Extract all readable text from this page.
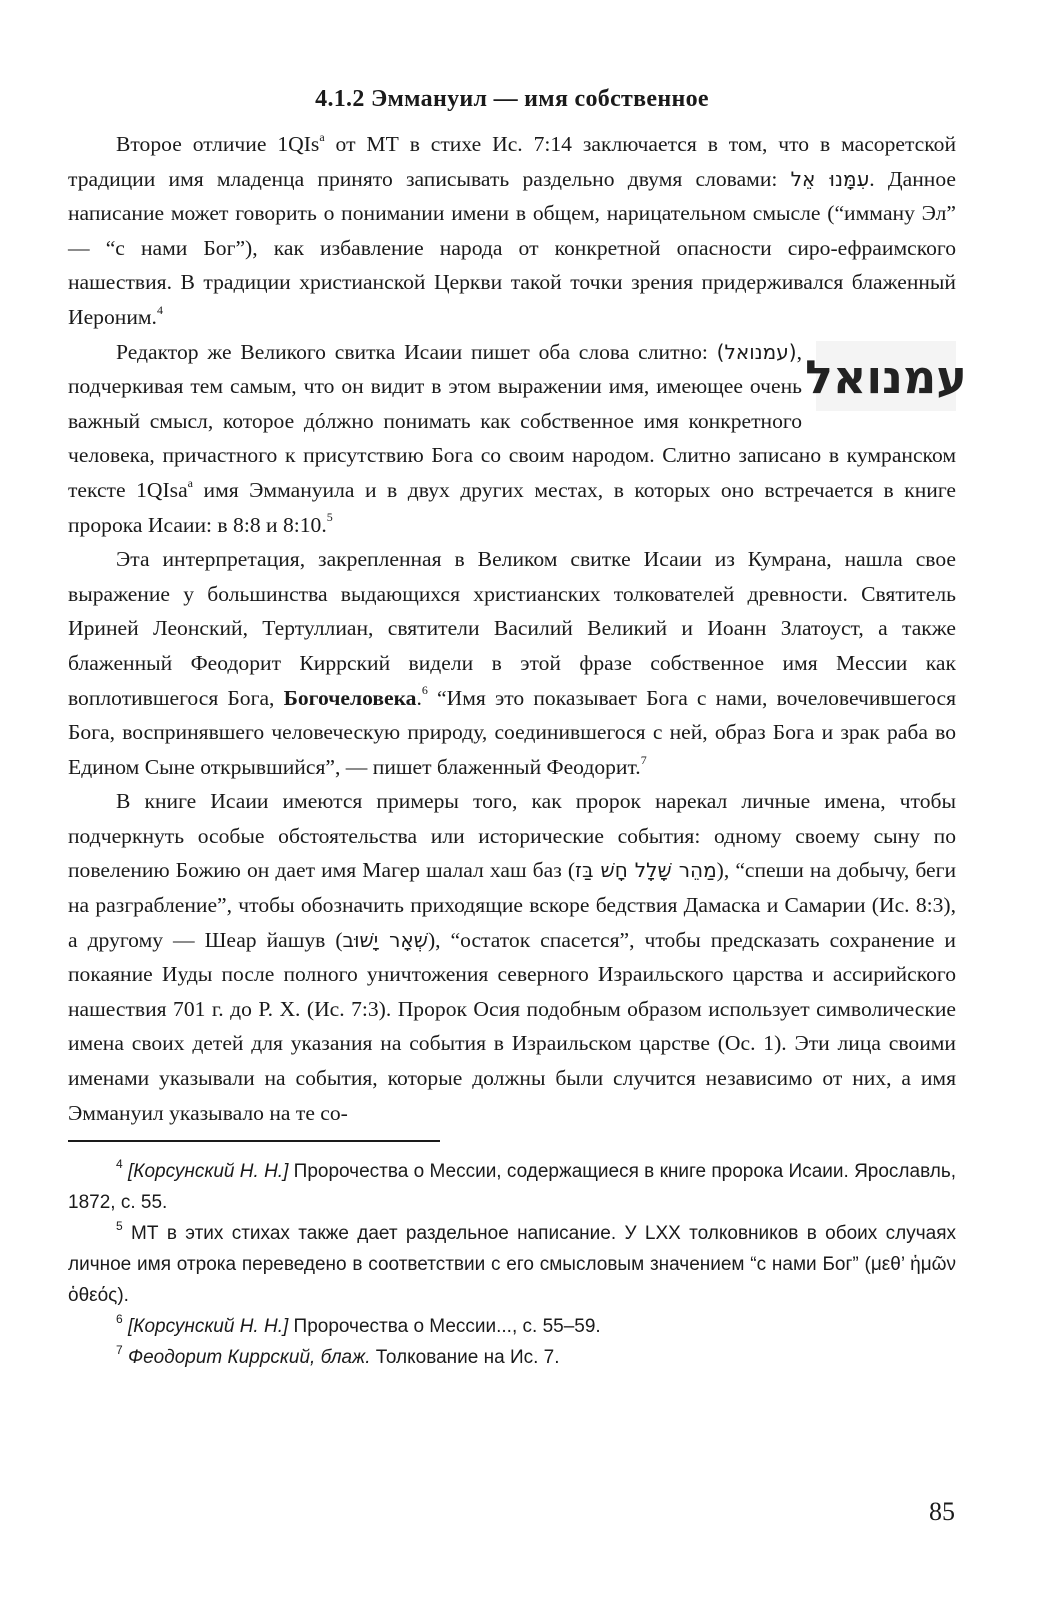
4.1.2 Эммануил — имя собственное

Второе отличие 1QIs$^a$ от МТ в стихе Ис. 7:14 заключается в том, что в масоретской традиции имя младенца принято записывать раздельно двумя словами: עִמָּנוּ אֵל. Данное написание может говорить о понимании имени в общем, нарицательном смысле (“иммaну Эл” — “с нами Бог”), как избавление народа от конкретной опасности сиро-ефраимского нашествия. В традиции христианской Церкви такой точки зрения придерживался блаженный Иероним.$^4$

עמנואל
Редактор же Великого свитка Исаии пишет оба слова слитно: (עמנואל), подчеркивая тем самым, что он видит в этом выражении имя, имеющее очень важный смысл, которое дóлжно понимать как собственное имя конкретного человека, причастного к присутствию Бога со своим народом. Слитно записано в кумранском тексте 1QIsa$^a$ имя Эммануила и в двух других местах, в которых оно встречается в книге пророка Исаии: в 8:8 и 8:10.$^5$

Эта интерпретация, закрепленная в Великом свитке Исаии из Кумрана, нашла свое выражение у большинства выдающихся христианских толкователей древности. Святитель Ириней Леонский, Тертуллиан, святители Василий Великий и Иоанн Златоуст, а также блаженный Феодорит Киррский видели в этой фразе собственное имя Мессии как воплотившегося Бога, Богочеловека.$^6$ “Имя это показывает Бога с нами, вочеловечившегося Бога, воспринявшего человеческую природу, соединившегося с ней, образ Бога и зрак раба во Едином Сыне открывшийся”, — пишет блаженный Феодорит.$^7$

В книге Исаии имеются примеры того, как пророк нарекал личные имена, чтобы подчеркнуть особые обстоятельства или исторические события: одному своему сыну по повелению Божию он дает имя Магер шалал хаш баз (מַהֵר שָׁלָל חָשׁ בַּז), “спеши на добычу, беги на разграбление”, чтобы обозначить приходящие вскоре бедствия Дамаска и Самарии (Ис. 8:3), а другому — Шеар йашув (שְׁאָר יָשׁוּב), “остаток спасется”, чтобы предсказать сохранение и покаяние Иуды после полного уничтожения северного Израильского царства и ассирийского нашествия 701 г. до Р. Х. (Ис. 7:3). Пророк Осия подобным образом использует символические имена своих детей для указания на события в Израильском царстве (Ос. 1). Эти лица своими именами указывали на события, которые должны были случится независимо от них, а имя Эммануил указывало на те со-

$^4$ [Корсунский Н. Н.] Пророчества о Мессии, содержащиеся в книге пророка Исаии. Ярославль, 1872, с. 55.

$^5$ МТ в этих стихах также дает раздельное написание. У LXX толковников в обоих случаях личное имя отрока переведено в соответствии с его смысловым значением “с нами Бог” (μεθ’ ἡμῶν ὁθεός).

$^6$ [Корсунский Н. Н.] Пророчества о Мессии..., с. 55–59.

$^7$ Феодорит Киррский, блаж. Толкование на Ис. 7.

85
